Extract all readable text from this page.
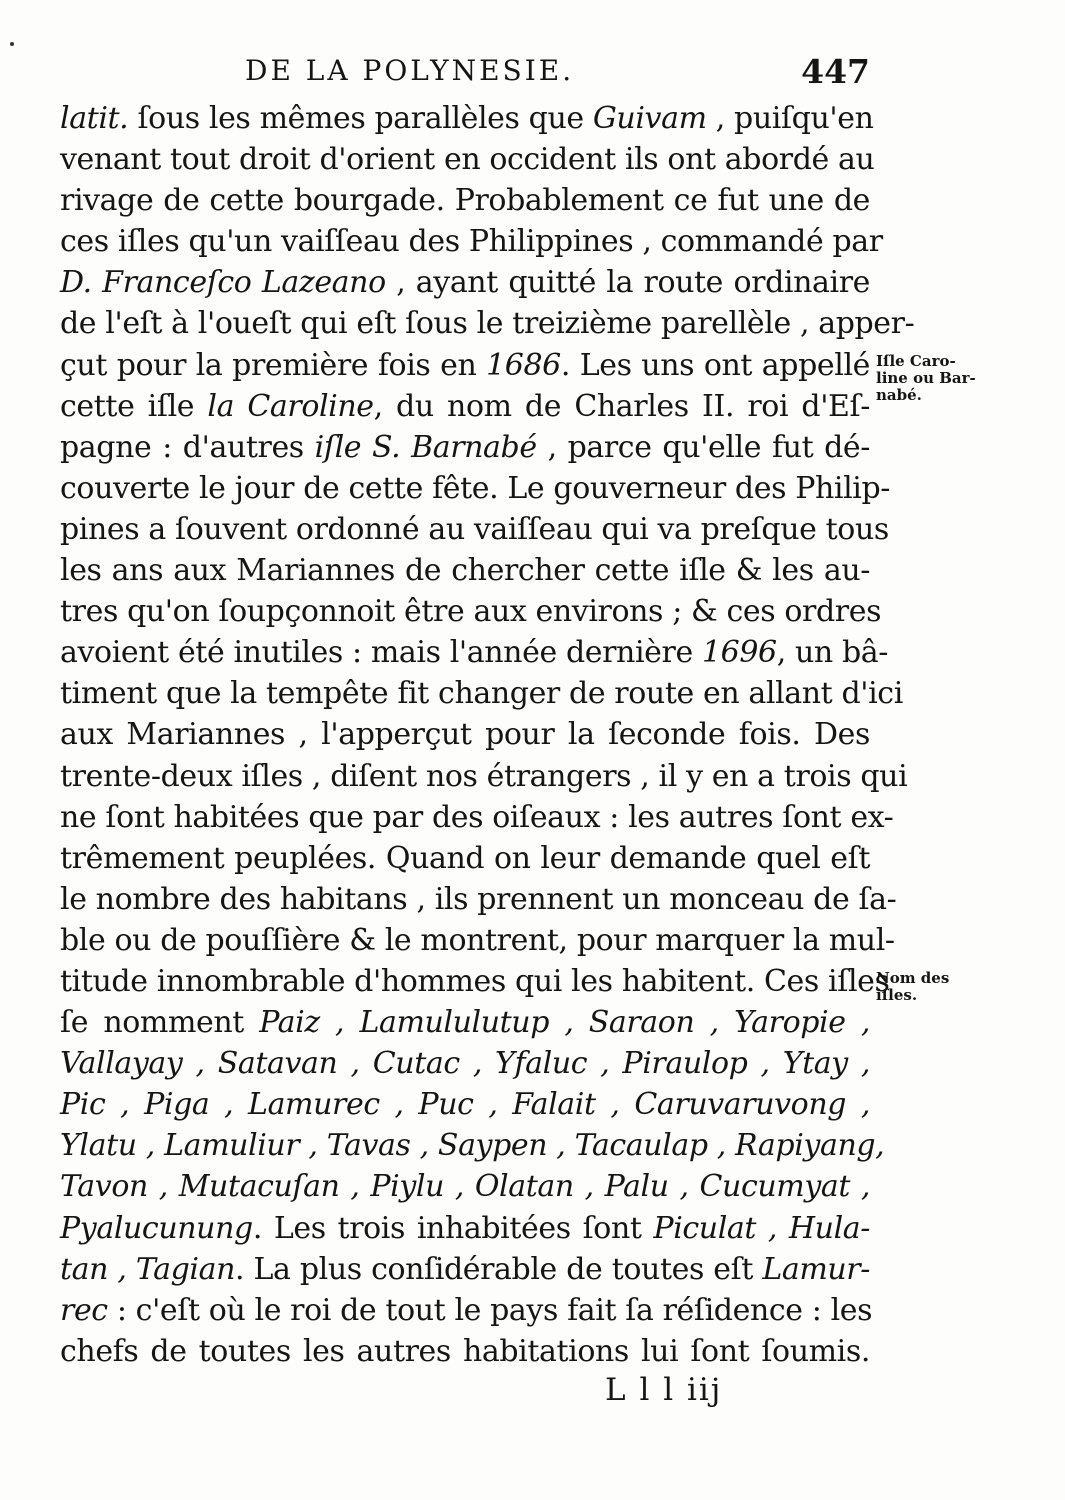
DE LA POLYNESIE.	447
latit. ſous les mêmes parallèles que Guivam , puiſqu'en
venant tout droit d'orient en occident ils ont abordé au
rivage de cette bourgade. Probablement ce fut une de
ces iſles qu'un vaiſſeau des Philippines , commandé par
D. Franceſco Lazeano , ayant quitté la route ordinaire
de l'eſt à l'oueſt qui eſt ſous le treizième parellèle , apper-
çut pour la première fois en 1686. Les uns ont appellé
cette iſle la Caroline, du nom de Charles II. roi d'Eſ-
pagne : d'autres iſle S. Barnabé , parce qu'elle fut dé-
couverte le jour de cette fête. Le gouverneur des Philip-
pines a ſouvent ordonné au vaiſſeau qui va preſque tous
les ans aux Mariannes de chercher cette iſle & les au-
tres qu'on ſoupçonnoit être aux environs ; & ces ordres
avoient été inutiles : mais l'année dernière 1696, un bâ-
timent que la tempête fit changer de route en allant d'ici
aux Mariannes , l'apperçut pour la ſeconde fois. Des
trente-deux iſles , diſent nos étrangers , il y en a trois qui
ne ſont habitées que par des oiſeaux : les autres ſont ex-
trêmement peuplées. Quand on leur demande quel eſt
le nombre des habitans , ils prennent un monceau de ſa-
ble ou de pouſſière & le montrent, pour marquer la mul-
titude innombrable d'hommes qui les habitent. Ces iſles
ſe nomment Paiz , Lamululutup , Saraon , Yaropie ,
Vallayay , Satavan , Cutac , Yfaluc , Piraulop , Ytay ,
Pic , Piga , Lamurec , Puc , Falait , Caruvaruvong ,
Ylatu , Lamuliur , Tavas , Saypen , Tacaulap , Rapiyang,
Tavon , Mutacuſan , Piylu , Olatan , Palu , Cucumyat ,
Pyalucunung. Les trois inhabitées ſont Piculat , Hula-
tan , Tagian. La plus conſidérable de toutes eſt Lamur-
rec : c'eſt où le roi de tout le pays fait ſa réſidence : les
chefs de toutes les autres habitations lui ſont ſoumis.
L l l iij
Iſle Caro-
line ou Bar-
nabé.
Nom des
iſles.
